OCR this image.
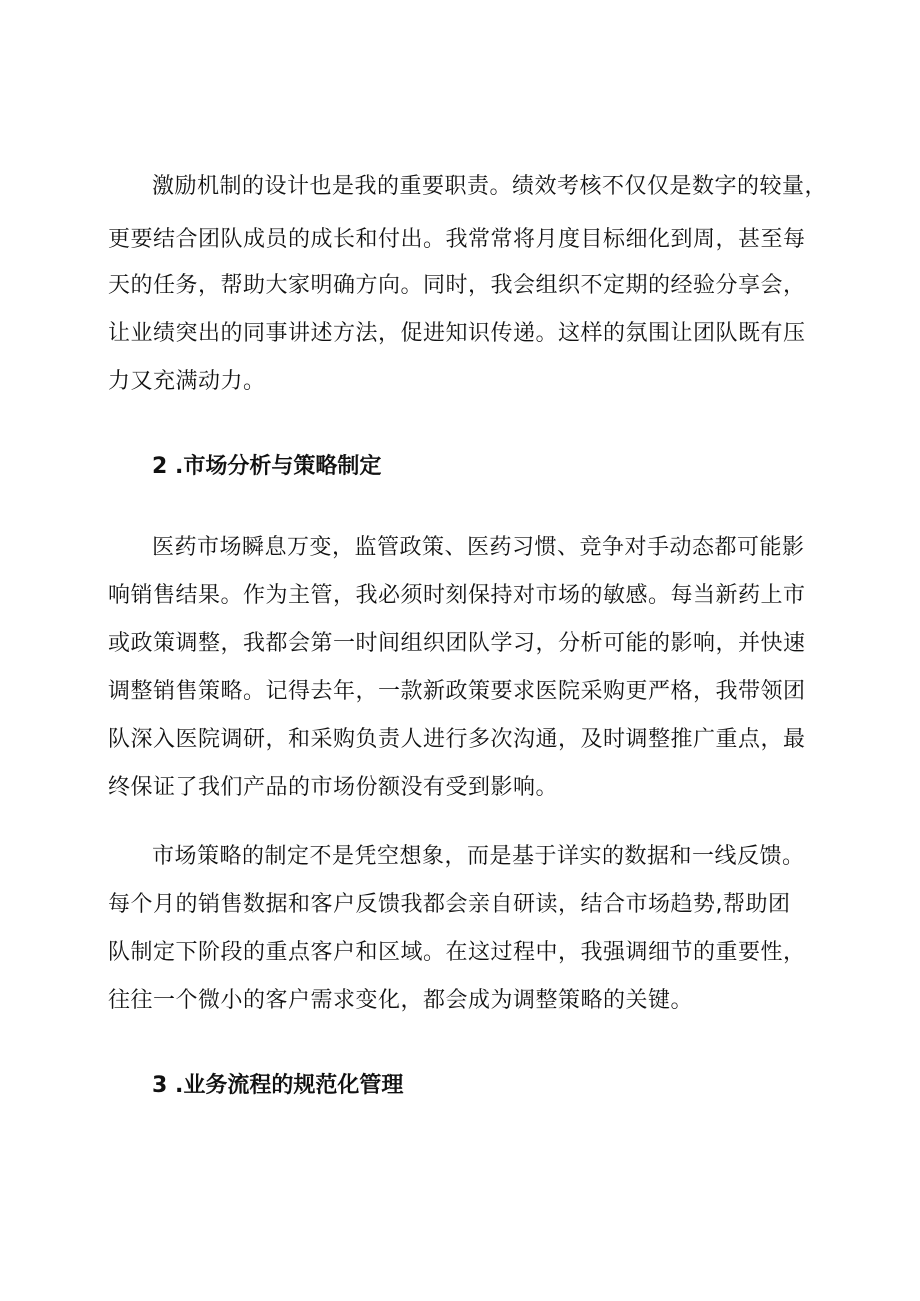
激励机制的设计也是我的重要职责。绩效考核不仅仅是数字的较量，

更要结合团队成员的成长和付出。我常常将月度目标细化到周，甚至每

天的任务，帮助大家明确方向。同时，我会组织不定期的经验分享会，

让业绩突出的同事讲述方法，促进知识传递。这样的氛围让团队既有压

力又充满动力。

2 .市场分析与策略制定

医药市场瞬息万变，监管政策、医药习惯、竞争对手动态都可能影

响销售结果。作为主管，我必须时刻保持对市场的敏感。每当新药上市

或政策调整，我都会第一时间组织团队学习，分析可能的影响，并快速

调整销售策略。记得去年，一款新政策要求医院采购更严格，我带领团

队深入医院调研，和采购负责人进行多次沟通，及时调整推广重点，最

终保证了我们产品的市场份额没有受到影响。

市场策略的制定不是凭空想象，而是基于详实的数据和一线反馈。

每个月的销售数据和客户反馈我都会亲自研读，结合市场趋势,帮助团

队制定下阶段的重点客户和区域。在这过程中，我强调细节的重要性，

往往一个微小的客户需求变化，都会成为调整策略的关键。

3 .业务流程的规范化管理
